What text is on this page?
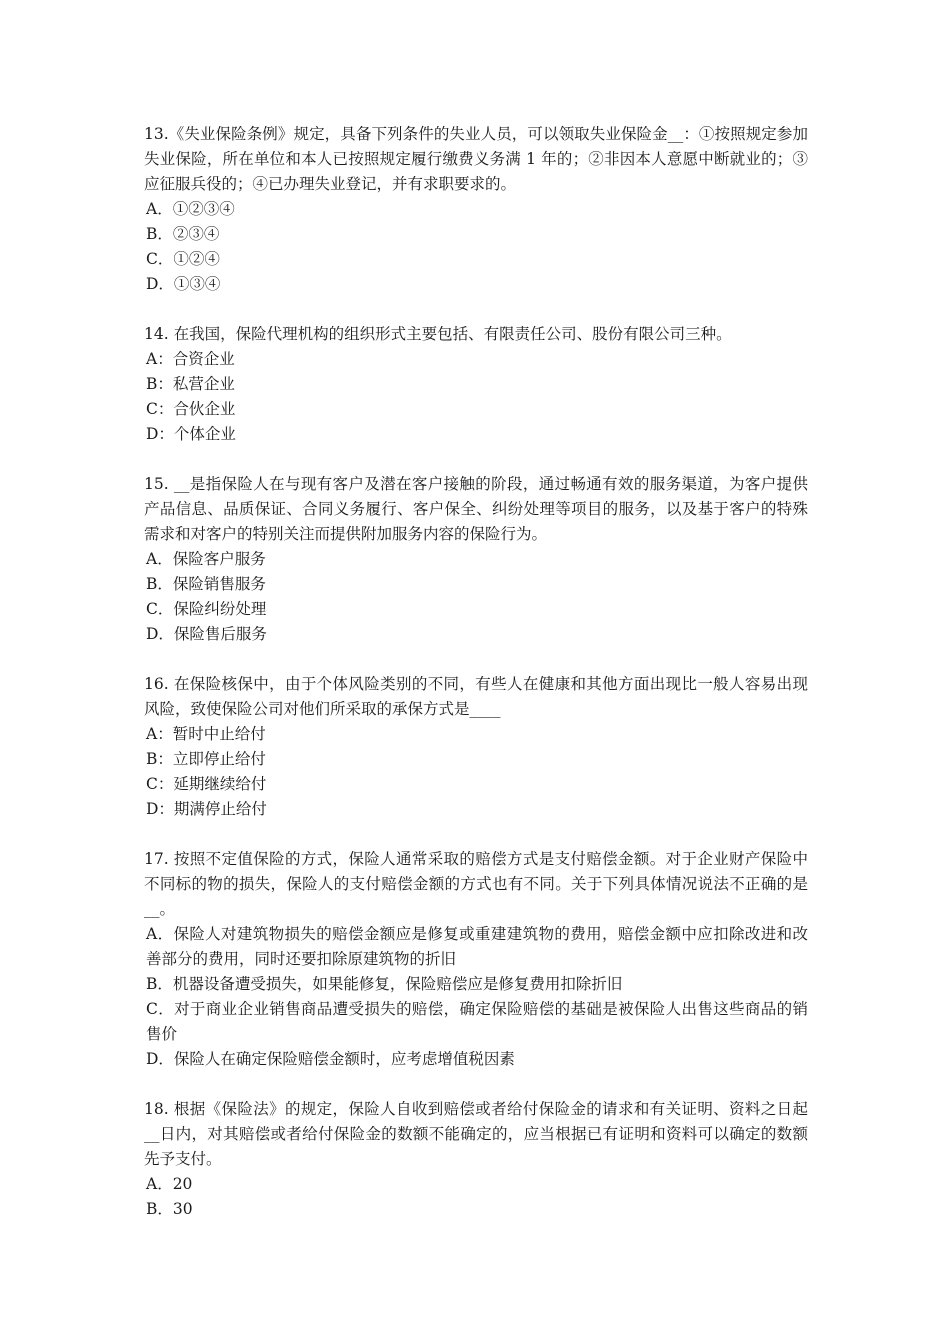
13.《失业保险条例》规定，具备下列条件的失业人员，可以领取失业保险金__：①按照规定参加失业保险，所在单位和本人已按照规定履行缴费义务满 1 年的；②非因本人意愿中断就业的；③应征服兵役的；④已办理失业登记，并有求职要求的。

A．①②③④

B．②③④

C．①②④

D．①③④

14. 在我国，保险代理机构的组织形式主要包括、有限责任公司、股份有限公司三种。

A：合资企业

B：私营企业

C：合伙企业

D：个体企业

15. __是指保险人在与现有客户及潜在客户接触的阶段，通过畅通有效的服务渠道，为客户提供产品信息、品质保证、合同义务履行、客户保全、纠纷处理等项目的服务，以及基于客户的特殊需求和对客户的特别关注而提供附加服务内容的保险行为。

A．保险客户服务

B．保险销售服务

C．保险纠纷处理

D．保险售后服务

16. 在保险核保中，由于个体风险类别的不同，有些人在健康和其他方面出现比一般人容易出现风险，致使保险公司对他们所采取的承保方式是____

A：暂时中止给付

B：立即停止给付

C：延期继续给付

D：期满停止给付

17. 按照不定值保险的方式，保险人通常采取的赔偿方式是支付赔偿金额。对于企业财产保险中不同标的物的损失，保险人的支付赔偿金额的方式也有不同。关于下列具体情况说法不正确的是__。

A．保险人对建筑物损失的赔偿金额应是修复或重建建筑物的费用，赔偿金额中应扣除改进和改善部分的费用，同时还要扣除原建筑物的折旧

B．机器设备遭受损失，如果能修复，保险赔偿应是修复费用扣除折旧

C．对于商业企业销售商品遭受损失的赔偿，确定保险赔偿的基础是被保险人出售这些商品的销售价

D．保险人在确定保险赔偿金额时，应考虑增值税因素

18. 根据《保险法》的规定，保险人自收到赔偿或者给付保险金的请求和有关证明、资料之日起__日内，对其赔偿或者给付保险金的数额不能确定的，应当根据已有证明和资料可以确定的数额先予支付。

A．20

B．30
